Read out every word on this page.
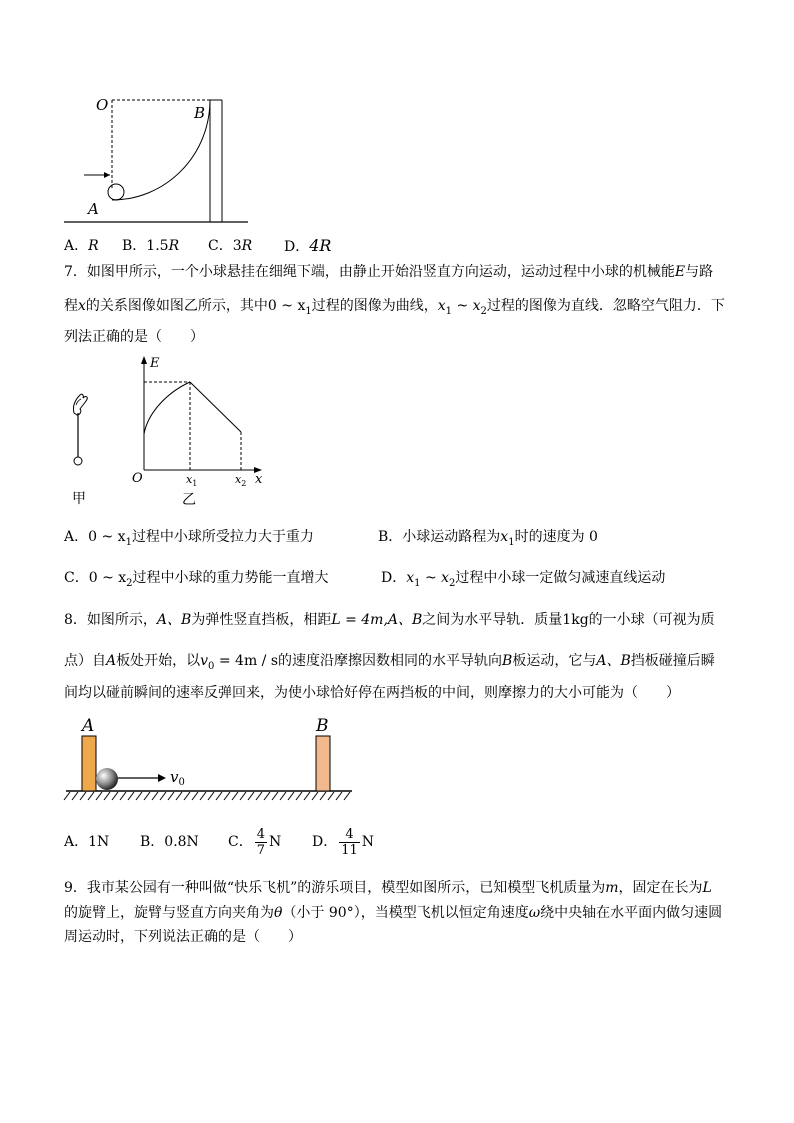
O	B
A
A．R B．1.5R C．3R D．4R
7．如图甲所示，一个小球悬挂在细绳下端，由静止开始沿竖直方向运动，运动过程中小球的机械能E与路
程x的关系图像如图乙所示，其中0 ~ $x_1$过程的图像为曲线，$x_1$ ~ $x_2$过程的图像为直线．忽略空气阻力．下
列法正确的是（　　）
甲
E
O	$x_1$	$x_2$ x
乙
A．0 ~ $x_1$过程中小球所受拉力大于重力	B．小球运动路程为$x_1$时的速度为 0
C．0 ~ $x_2$过程中小球的重力势能一直增大	D．$x_1$ ~ $x_2$过程中小球一定做匀减速直线运动
8．如图所示，A、B为弹性竖直挡板，相距L = 4m,A、B之间为水平导轨．质量1kg的一小球（可视为质
点）自A板处开始，以$v_0 = 4m / s$的速度沿摩擦因数相同的水平导轨向B板运动，它与A、B挡板碰撞后瞬
间均以碰前瞬间的速率反弹回来，为使小球恰好停在两挡板的中间，则摩擦力的大小可能为（　　）
A	B
$v_0$
A．1N B．0.8N C． $\frac{4}{7}$ N D． $\frac{4}{11}$ N
9．我市某公园有一种叫做“快乐飞机”的游乐项目，模型如图所示，已知模型飞机质量为m，固定在长为L
的旋臂上，旋臂与竖直方向夹角为θ（小于 90°），当模型飞机以恒定角速度ω绕中央轴在水平面内做匀速圆
周运动时，下列说法正确的是（　　）
